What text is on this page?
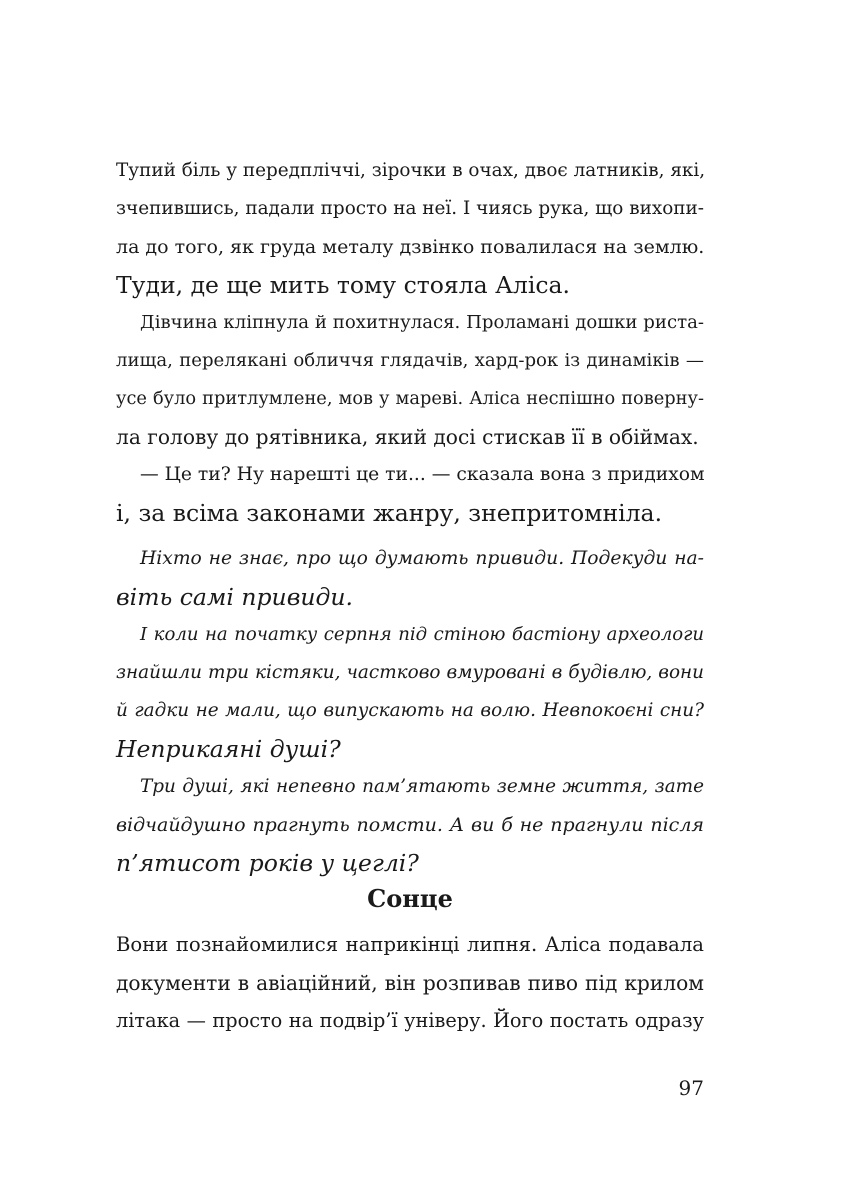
Тупий біль у передпліччі, зірочки в очах, двоє латників, які,
зчепившись, падали просто на неї. І чиясь рука, що вихопи-
ла до того, як груда металу дзвінко повалилася на землю.
Туди, де ще мить тому стояла Аліса.
Дівчина кліпнула й похитнулася. Проламані дошки риста-
лища, перелякані обличчя глядачів, хард-рок із динаміків —
усе було притлумлене, мов у мареві. Аліса неспішно поверну-
ла голову до рятівника, який досі стискав її в обіймах.
— Це ти? Ну нарешті це ти... — сказала вона з придихом
і, за всіма законами жанру, знепритомніла.
Ніхто не знає, про що думають привиди. Подекуди на-
віть самі привиди.
І коли на початку серпня під стіною бастіону археологи
знайшли три кістяки, частково вмуровані в будівлю, вони
й гадки не мали, що випускають на волю. Невпокоєні сни?
Неприкаяні душі?
Три душі, які непевно пам’ятають земне життя, зате
відчайдушно прагнуть помсти. А ви б не прагнули після
п’ятисот років у цеглі?
Сонце
Вони познайомилися наприкінці липня. Аліса подавала
документи в авіаційний, він розпивав пиво під крилом
літака — просто на подвір’ї універу. Його постать одразу
97
